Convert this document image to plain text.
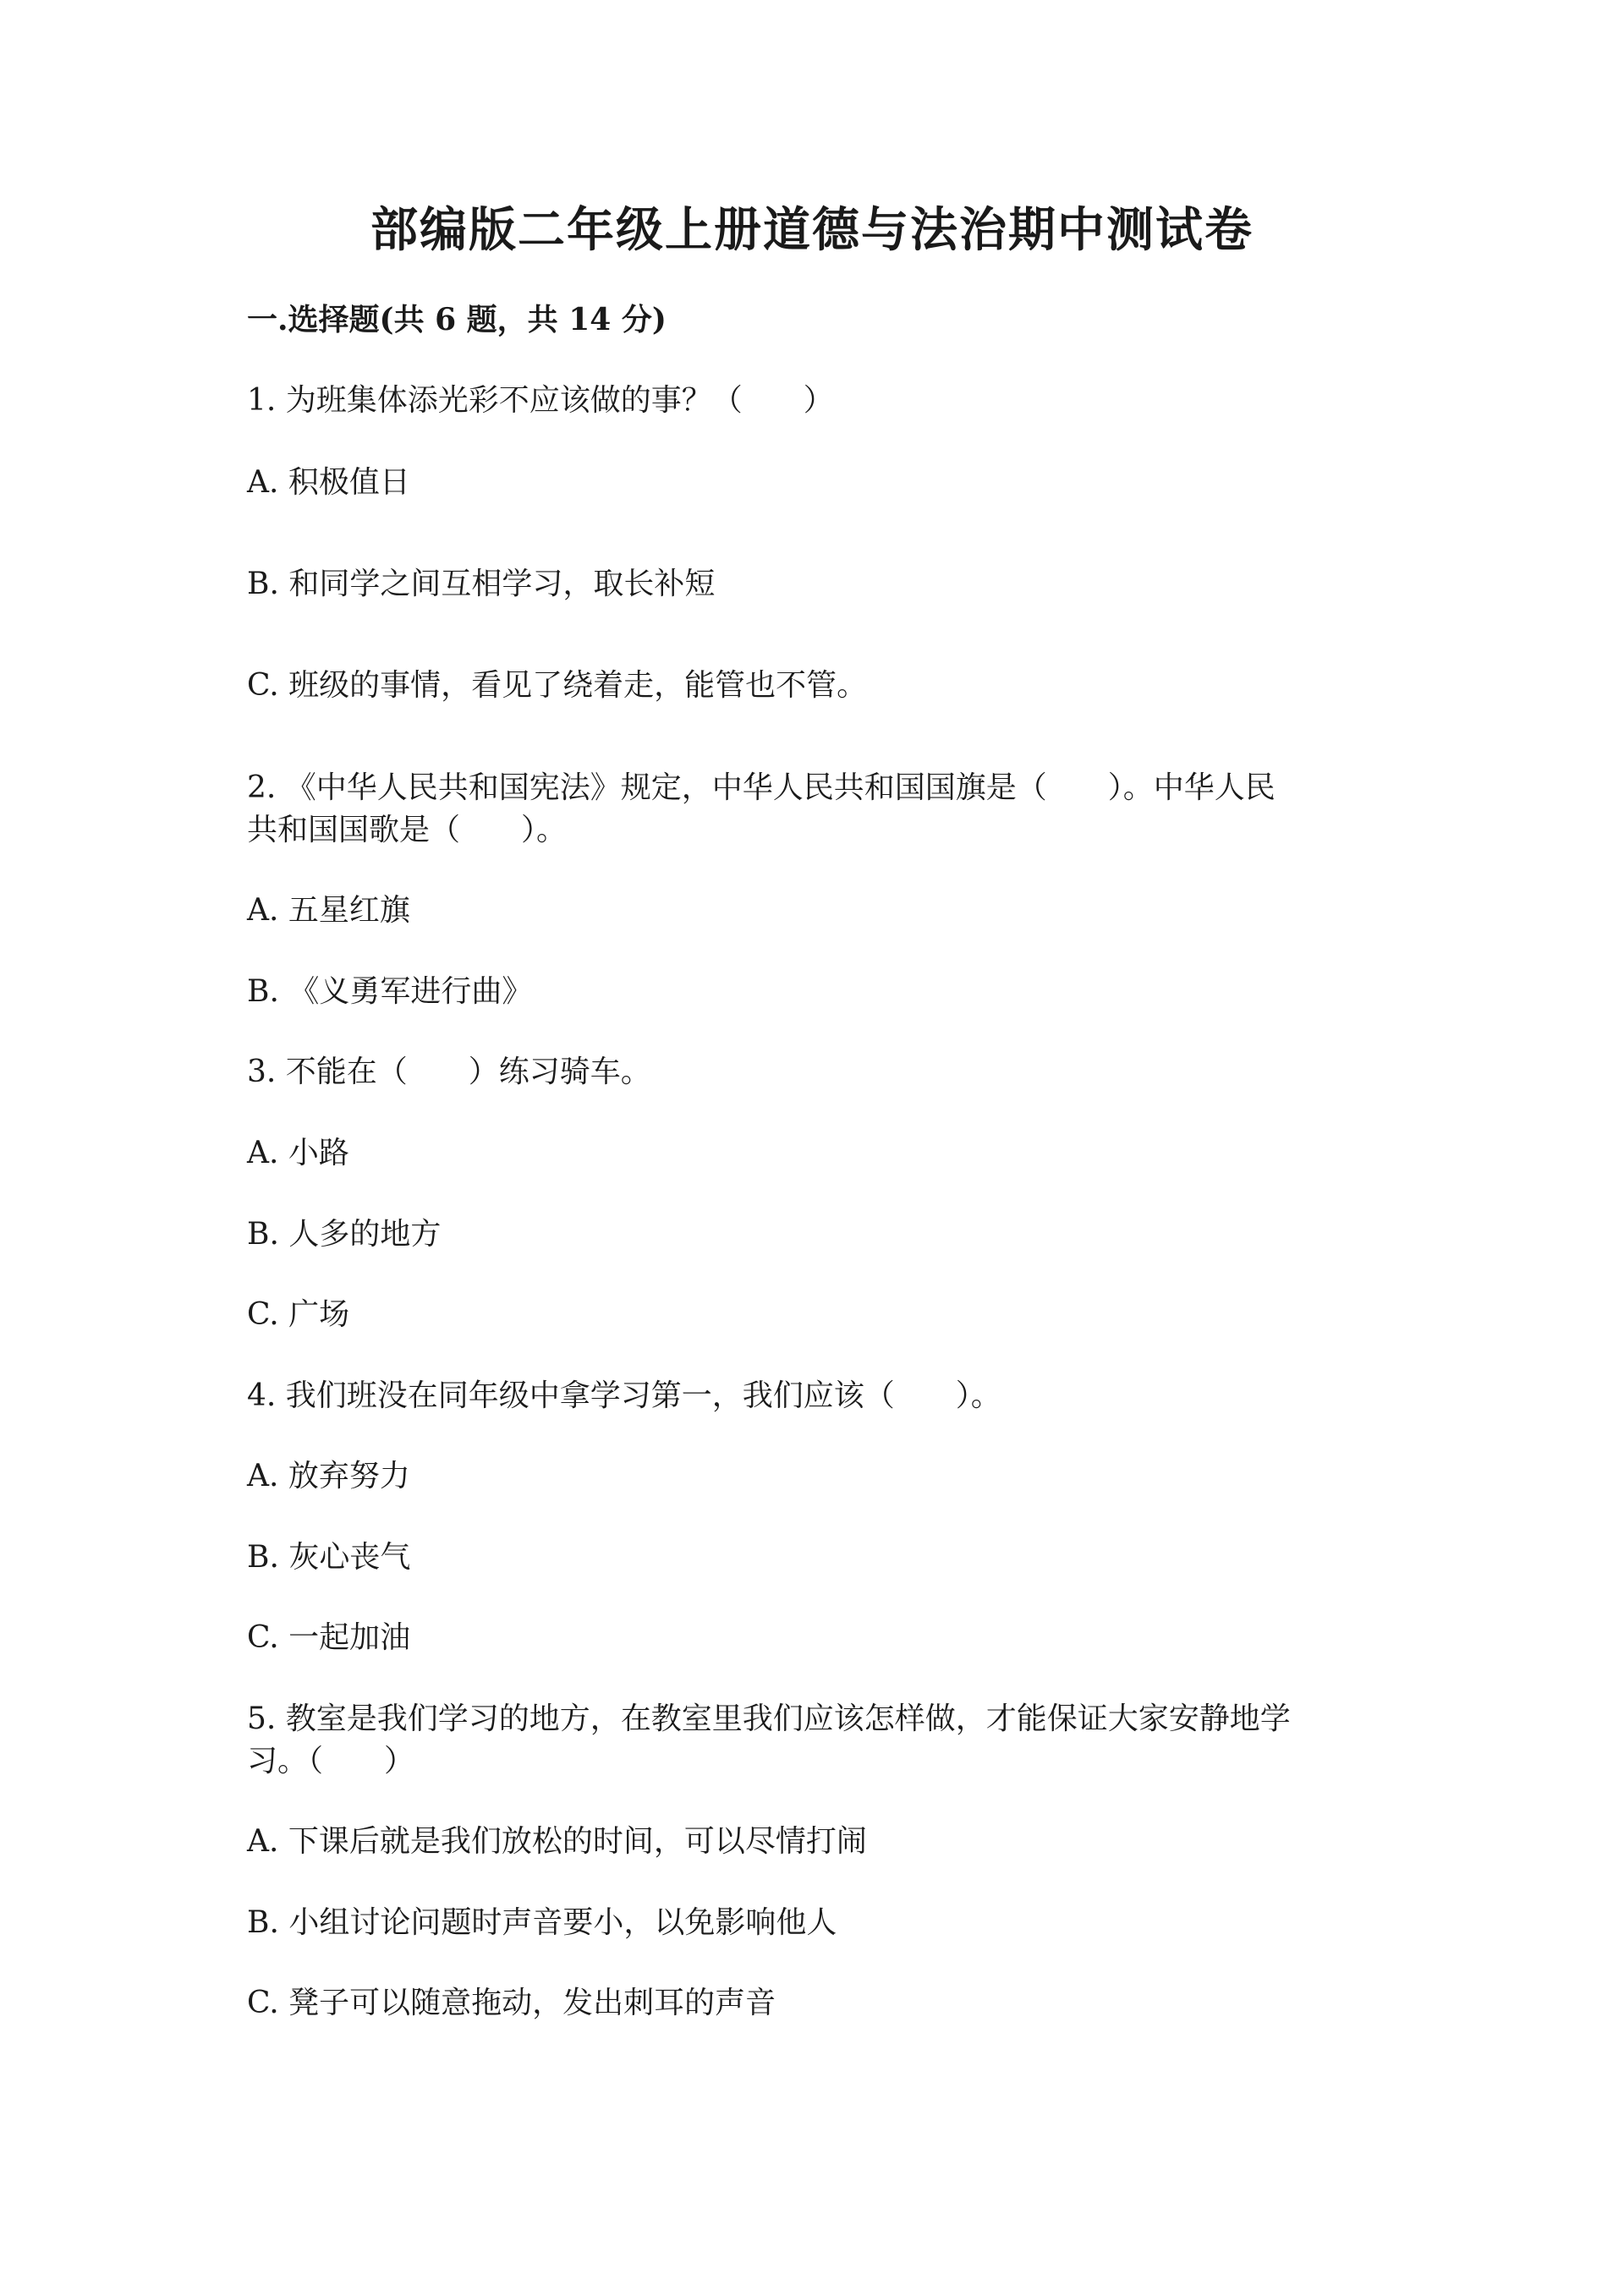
部编版二年级上册道德与法治期中测试卷
一.选择题(共 6 题，共 14 分)
1. 为班集体添光彩不应该做的事？（　　）
A. 积极值日
B. 和同学之间互相学习，取长补短
C. 班级的事情，看见了绕着走，能管也不管。
2. 《中华人民共和国宪法》规定，中华人民共和国国旗是（　　）。中华人民
共和国国歌是（　　）。
A. 五星红旗
B. 《义勇军进行曲》
3. 不能在（　　）练习骑车。
A. 小路
B. 人多的地方
C. 广场
4. 我们班没在同年级中拿学习第一，我们应该（　　）。
A. 放弃努力
B. 灰心丧气
C. 一起加油
5. 教室是我们学习的地方，在教室里我们应该怎样做，才能保证大家安静地学
习。（　　）
A. 下课后就是我们放松的时间，可以尽情打闹
B. 小组讨论问题时声音要小，以免影响他人
C. 凳子可以随意拖动，发出刺耳的声音
